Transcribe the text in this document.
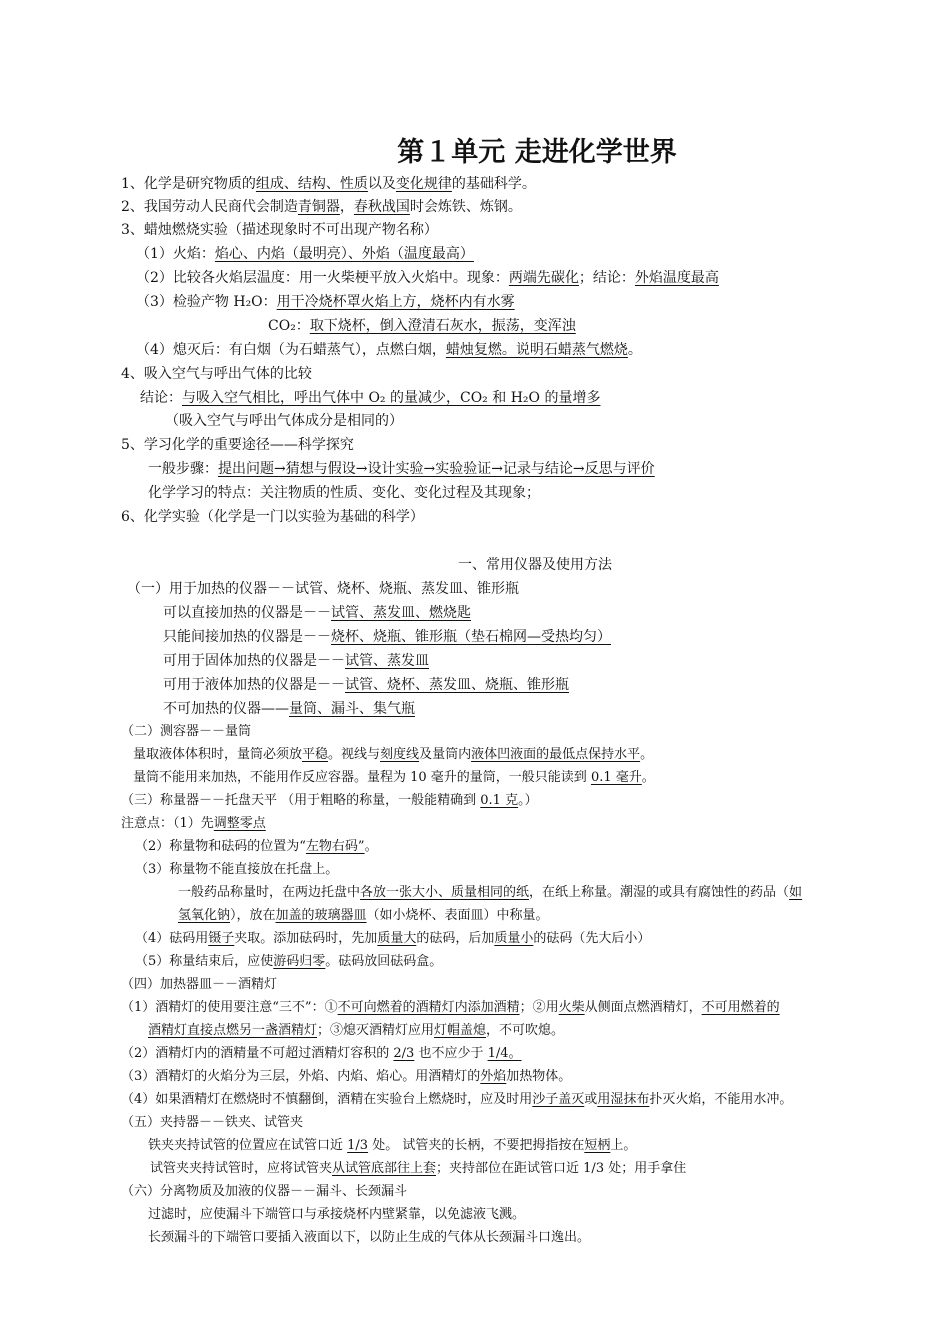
第１单元 走进化学世界
一、常用仪器及使用方法
1、化学是研究物质的组成、结构、性质以及变化规律的基础科学。
2、我国劳动人民商代会制造青铜器，春秋战国时会炼铁、炼钢。
3、蜡烛燃烧实验（描述现象时不可出现产物名称）
（1）火焰：焰心、内焰（最明亮）、外焰（温度最高）
（2）比较各火焰层温度：用一火柴梗平放入火焰中。现象：两端先碳化；结论：外焰温度最高
（3）检验产物 H₂O：用干冷烧杯罩火焰上方，烧杯内有水雾
CO₂：取下烧杯，倒入澄清石灰水，振荡，变浑浊
（4）熄灭后：有白烟（为石蜡蒸气），点燃白烟，蜡烛复燃。说明石蜡蒸气燃烧。
4、吸入空气与呼出气体的比较
结论：与吸入空气相比，呼出气体中 O₂ 的量减少，CO₂ 和 H₂O 的量增多
（吸入空气与呼出气体成分是相同的）
5、学习化学的重要途径——科学探究
一般步骤：提出问题→猜想与假设→设计实验→实验验证→记录与结论→反思与评价
化学学习的特点：关注物质的性质、变化、变化过程及其现象；
6、化学实验（化学是一门以实验为基础的科学）
（一）用于加热的仪器－－试管、烧杯、烧瓶、蒸发皿、锥形瓶
可以直接加热的仪器是－－试管、蒸发皿、燃烧匙
只能间接加热的仪器是－－烧杯、烧瓶、锥形瓶（垫石棉网—受热均匀）
可用于固体加热的仪器是－－试管、蒸发皿
可用于液体加热的仪器是－－试管、烧杯、蒸发皿、烧瓶、锥形瓶
不可加热的仪器——量筒、漏斗、集气瓶
（二）测容器－－量筒
量取液体体积时，量筒必须放平稳。视线与刻度线及量筒内液体凹液面的最低点保持水平。
量筒不能用来加热，不能用作反应容器。量程为 10 毫升的量筒，一般只能读到 0.1 毫升。
（三）称量器－－托盘天平 （用于粗略的称量，一般能精确到 0.1 克。）
注意点：（1）先调整零点
（2）称量物和砝码的位置为“左物右码”。
（3）称量物不能直接放在托盘上。
一般药品称量时，在两边托盘中各放一张大小、质量相同的纸，在纸上称量。潮湿的或具有腐蚀性的药品（如
氢氧化钠），放在加盖的玻璃器皿（如小烧杯、表面皿）中称量。
（4）砝码用镊子夹取。添加砝码时，先加质量大的砝码，后加质量小的砝码（先大后小）
（5）称量结束后，应使游码归零。砝码放回砝码盒。
（四）加热器皿－－酒精灯
（1）酒精灯的使用要注意“三不”：①不可向燃着的酒精灯内添加酒精；②用火柴从侧面点燃酒精灯，不可用燃着的
酒精灯直接点燃另一盏酒精灯；③熄灭酒精灯应用灯帽盖熄，不可吹熄。
（2）酒精灯内的酒精量不可超过酒精灯容积的 2/3 也不应少于 1/4。
（3）酒精灯的火焰分为三层，外焰、内焰、焰心。用酒精灯的外焰加热物体。
（4）如果酒精灯在燃烧时不慎翻倒，酒精在实验台上燃烧时，应及时用沙子盖灭或用湿抹布扑灭火焰，不能用水冲。
（五）夹持器－－铁夹、试管夹
铁夹夹持试管的位置应在试管口近 1/3 处。 试管夹的长柄，不要把拇指按在短柄上。
试管夹夹持试管时，应将试管夹从试管底部往上套；夹持部位在距试管口近 1/3 处；用手拿住
（六）分离物质及加液的仪器－－漏斗、长颈漏斗
过滤时，应使漏斗下端管口与承接烧杯内壁紧靠，以免滤液飞溅。
长颈漏斗的下端管口要插入液面以下，以防止生成的气体从长颈漏斗口逸出。
